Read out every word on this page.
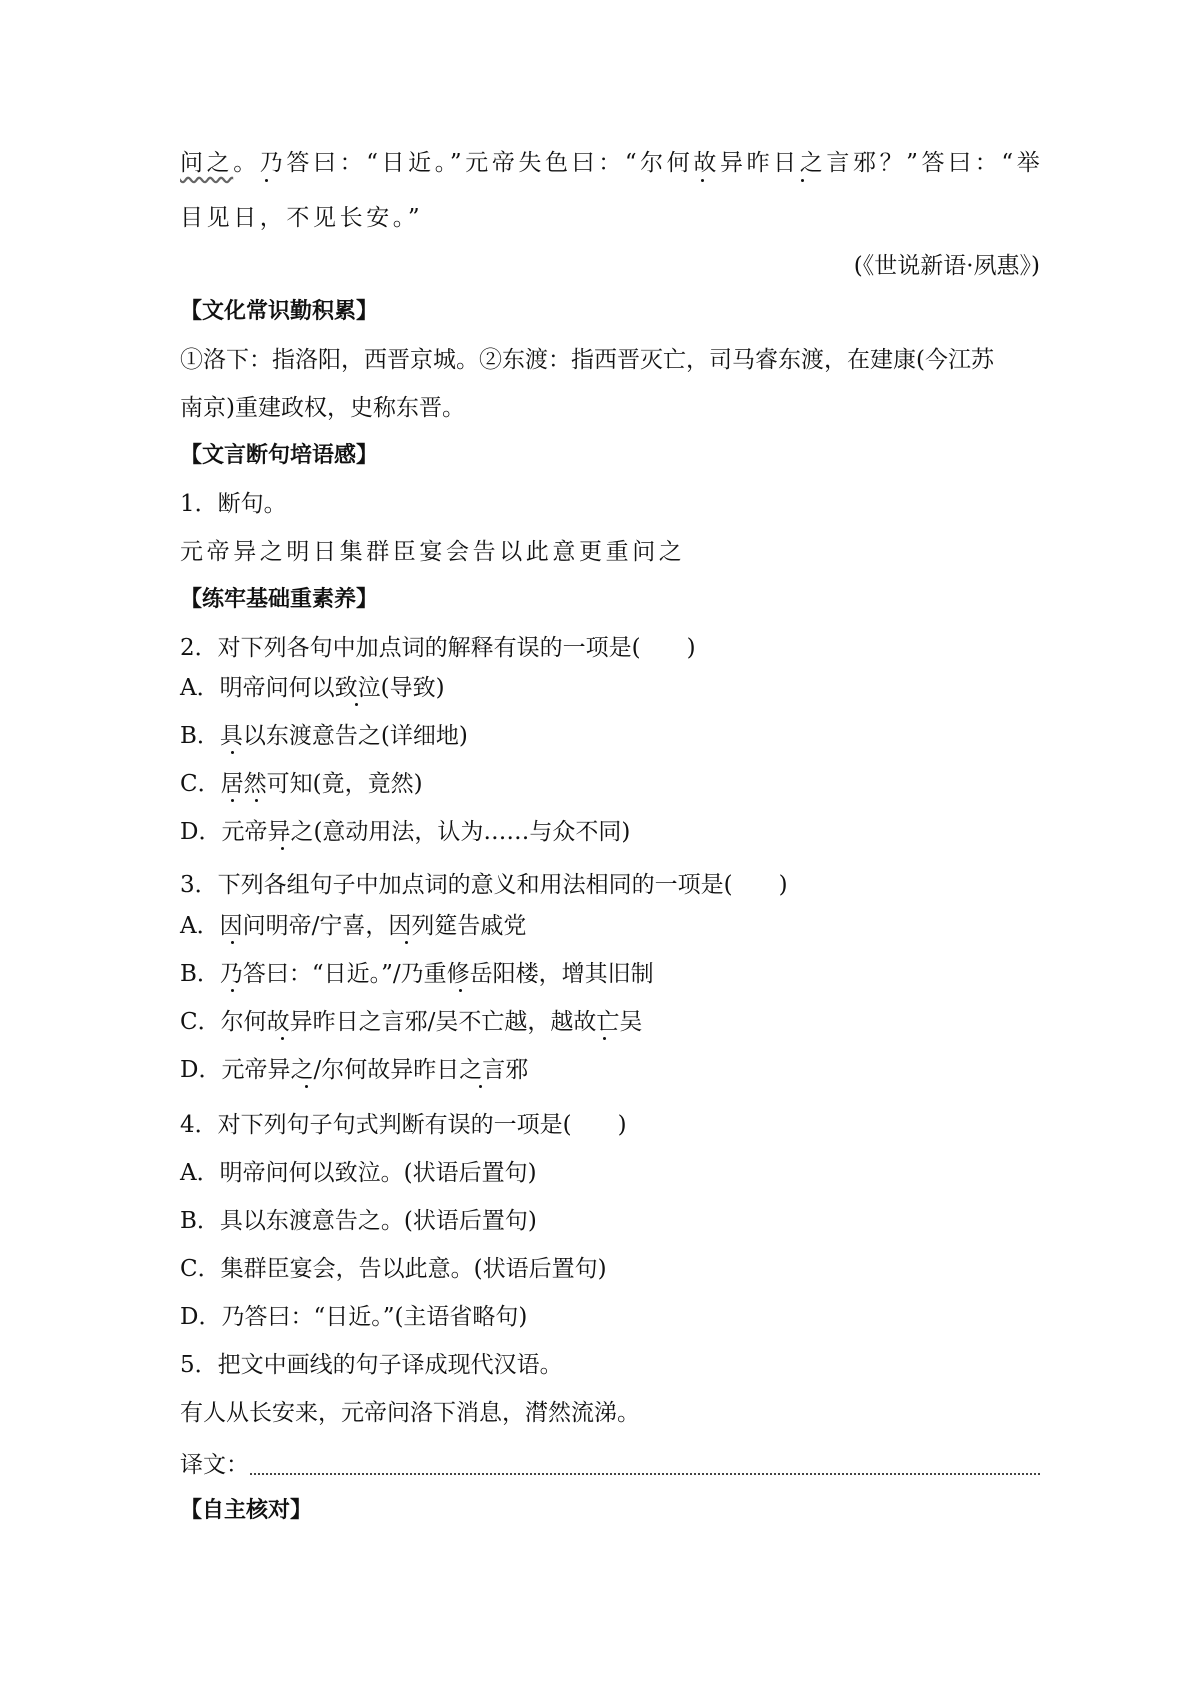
问之。乃答曰：“日近。”元帝失色曰：“尔何故异昨日之言邪？”答曰：“举
目见日，不见长安。”
(《世说新语·夙惠》)
【文化常识勤积累】
①洛下：指洛阳，西晋京城。②东渡：指西晋灭亡，司马睿东渡，在建康(今江苏
南京)重建政权，史称东晋。
【文言断句培语感】
1．断句。
元帝异之明日集群臣宴会告以此意更重问之
【练牢基础重素养】
2．对下列各句中加点词的解释有误的一项是(　　)
A．明帝问何以致泣(导致)
B．具以东渡意告之(详细地)
C．居然可知(竟，竟然)
D．元帝异之(意动用法，认为……与众不同)
3．下列各组句子中加点词的意义和用法相同的一项是(　　)
A．因问明帝/宁喜，因列筵告戚党
B．乃答曰：“日近。”/乃重修岳阳楼，增其旧制
C．尔何故异昨日之言邪/吴不亡越，越故亡吴
D．元帝异之/尔何故异昨日之言邪
4．对下列句子句式判断有误的一项是(　　)
A．明帝问何以致泣。(状语后置句)
B．具以东渡意告之。(状语后置句)
C．集群臣宴会，告以此意。(状语后置句)
D．乃答曰：“日近。”(主语省略句)
5．把文中画线的句子译成现代汉语。
有人从长安来，元帝问洛下消息，潸然流涕。
译文：
【自主核对】
